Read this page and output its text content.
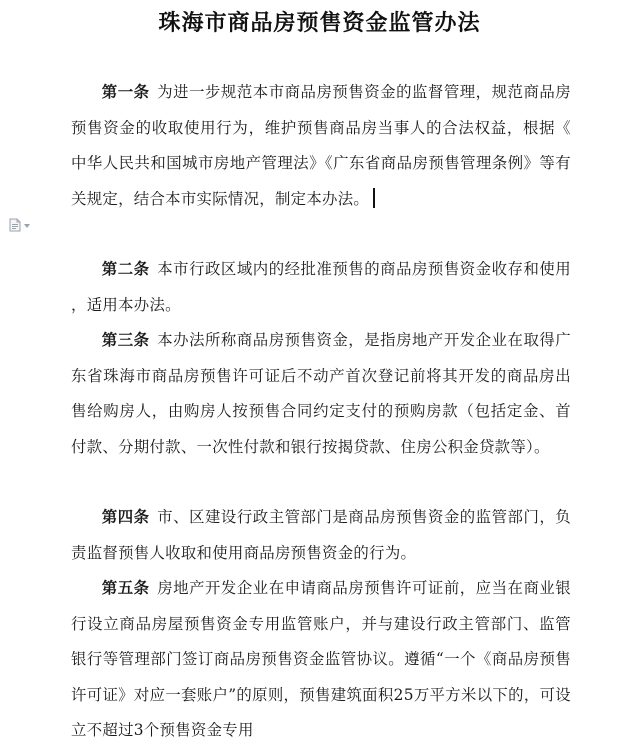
珠海市商品房预售资金监管办法

第一条 为进一步规范本市商品房预售资金的监督管理，规范商品房预售资金的收取使用行为，维护预售商品房当事人的合法权益，根据《中华人民共和国城市房地产管理法》《广东省商品房预售管理条例》等有关规定，结合本市实际情况，制定本办法。

第二条 本市行政区域内的经批准预售的商品房预售资金收存和使用，适用本办法。

第三条 本办法所称商品房预售资金，是指房地产开发企业在取得广东省珠海市商品房预售许可证后不动产首次登记前将其开发的商品房出售给购房人，由购房人按预售合同约定支付的预购房款（包括定金、首付款、分期付款、一次性付款和银行按揭贷款、住房公积金贷款等）。

第四条 市、区建设行政主管部门是商品房预售资金的监管部门，负责监督预售人收取和使用商品房预售资金的行为。

第五条 房地产开发企业在申请商品房预售许可证前，应当在商业银行设立商品房屋预售资金专用监管账户，并与建设行政主管部门、监管银行等管理部门签订商品房预售资金监管协议。遵循“一个《商品房预售许可证》对应一套账户”的原则，预售建筑面积25万平方米以下的，可设立不超过3个预售资金专用
